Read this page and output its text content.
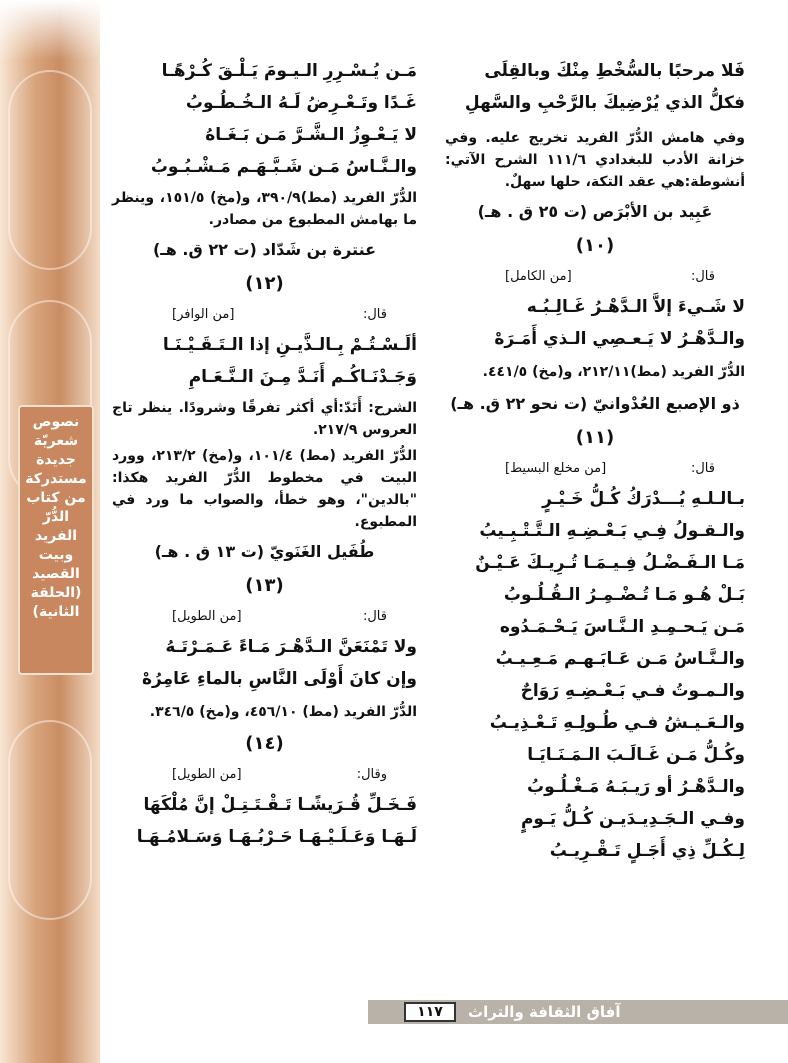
نصوص
شعريّة
جديدة
مستدركة
من كتاب
الدُّرّ الفريد
وبيت
القصيد
(الحلقة
الثانية)
فَلا مرحبًا بالسُّخْطِ مِنْكَ وبالقِلَى
فكلُّ الذي يُرْضِيكَ بالرَّحْبِ والسَّهلِ
وفي هامش الدُّرّ الفريد تخريج عليه. وفي خزانة الأدب للبغدادي ١١١/٦ الشرح الآتي: أنشوطة:هي عقد التكة، حلها سهلٌ.
عَبِيد بن الأبْرَص (ت ٢٥ ق . هـ)
(١٠)
قال:
[من الكامل]
لا شَـيءَ إلاَّ الـدَّهْـرُ غَـالِـبُـه
والـدَّهْـرُ لا يَـعـصِي الـذي أَمَـرَهْ
الدُّرّ الفريد (مط)٢١٢/١١، و(مخ) ٤٤١/٥.
ذو الإصبع العُدْوانيّ (ت نحو ٢٢ ق. هـ)
(١١)
قال:
[من مخلع البسيط]
بـالـلـهِ يُـــدْرَكُ كُـلُّ خَـيْـرٍ
والـقـولُ فِـي بَـعْـضِـهِ الـتَّـتْـبِـيبُ
مَـا الـفَـضْـلُ فِـيـمَـا تُـرِيـكَ عَـيْـنٌ
بَـلْ هُـو مَـا تُـضْـمِـرُ الـقُـلُـوبُ
مَـن يَـحـمِـدِ الـنَّـاسَ يَـحْـمَـدُوه
والـنَّـاسُ مَـن عَـابَـهـم مَـعِـيـبُ
والـمـوتُ فـي بَـعْـضِـهِ رَوَاحٌ
والـعَـيـشُ فـي طُـولِـهِ تَـعْـذِيـبُ
وكُـلُّ مَـن غَـالَـبَ الـمَـنَـايَـا
والـدَّهْـرُ أو رَيـبَـهُ مَـغْـلُـوبُ
وفـي الـجَـدِيـدَيـن كُـلُّ يَـومٍ
لِـكُـلِّ ذِي أَجَـلٍ تَـقْـرِيـبُ
مَـن يُـسْـرِرِ الـيـومَ يَـلْـقَ كُـرْهًـا
غَـدًا وتَـعْـرِضُ لَـهُ الـخُـطُـوبُ
لا يَـعْـوِزُ الـشَّـرَّ مَـن بَـغَـاهُ
والـنَّـاسُ مَـن شَـبَّـهَـم مَـشْـبُـوبُ
الدُّرّ الفريد (مط)٣٩٠/٩، و(مخ) ١٥١/٥، وينظر ما بهامش المطبوع من مصادر.
عنترة بن شَدّاد (ت ٢٢ ق. هـ)
(١٢)
قال:
[من الوافر]
ألَـسْـتُـمْ بِـالـذَّيـنِ إذا الـتَـقَـيْـنَـا
وَجَـدْنَـاكُـم أَنَـدَّ مِـنَ الـنَّـعَـامِ
الشرح: أَنَدّ:أي أكثر تفرقًا وشرودًا. ينظر تاج العروس ٢١٧/٩.
الدُّرّ الفريد (مط) ١٠١/٤، و(مخ) ٢١٣/٢، وورد البيت في مخطوط الدُّرّ الفريد هكذا: "بالدين"، وهو خطأ، والصواب ما ورد في المطبوع.
طُفَيل الغَنَويّ (ت ١٣ ق . هـ)
(١٣)
قال:
[من الطويل]
ولا تَمْنَعَنَّ الـدَّهْـرَ مَـاءً عَـمَـرْتَـهُ
وإن كانَ أَوْلَى النَّاسِ بالماءِ عَامِرُهْ
الدُّرّ الفريد (مط) ٤٥٦/١٠، و(مخ) ٣٤٦/٥.
(١٤)
وقال:
[من الطويل]
فَـخَـلِّ قُـرَيشًـا تَـقْـتَـتِـلْ إنَّ مُلْكَهَا
لَـهَـا وَعَـلَـيْـهَـا حَـرْبُـهَـا وَسَـلامُـهَـا
١١٧	آفاق الثقافة والتراث
